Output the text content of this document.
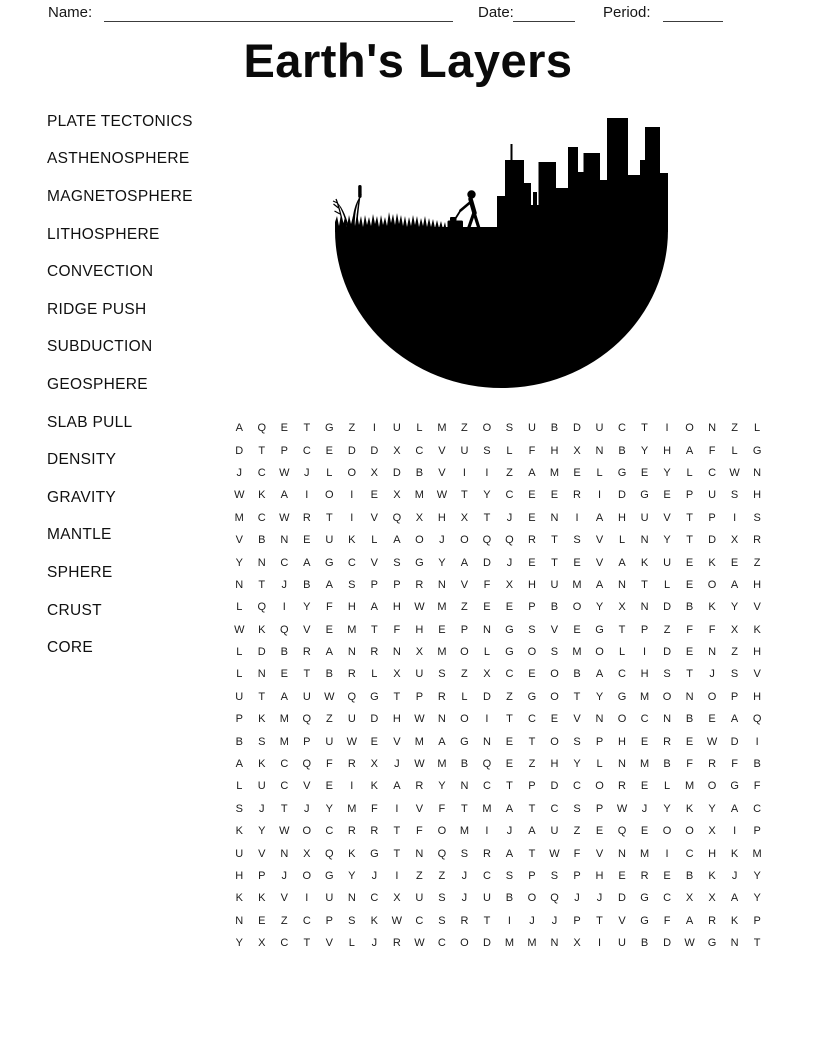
Name:	Date:	Period:
Earth's Layers
PLATE TECTONICS
ASTHENOSPHERE
MAGNETOSPHERE
LITHOSPHERE
CONVECTION
RIDGE PUSH
SUBDUCTION
GEOSPHERE
SLAB PULL
DENSITY
GRAVITY
MANTLE
SPHERE
CRUST
CORE
A	Q	E	T	G	Z	I	U	L	M	Z	O	S	U	B	D	U	C	T	I	O	N	Z	L
D	T	P	C	E	D	D	X	C	V	U	S	L	F	H	X	N	B	Y	H	A	F	L	G
J	C	W	J	L	O	X	D	B	V	I	I	Z	A	M	E	L	G	E	Y	L	C	W	N
W	K	A	I	O	I	E	X	M	W	T	Y	C	E	E	R	I	D	G	E	P	U	S	H
M	C	W	R	T	I	V	Q	X	H	X	T	J	E	N	I	A	H	U	V	T	P	I	S
V	B	N	E	U	K	L	A	O	J	O	Q	Q	R	T	S	V	L	N	Y	T	D	X	R
Y	N	C	A	G	C	V	S	G	Y	A	D	J	E	T	E	V	A	K	U	E	K	E	Z
N	T	J	B	A	S	P	P	R	N	V	F	X	H	U	M	A	N	T	L	E	O	A	H
L	Q	I	Y	F	H	A	H	W	M	Z	E	E	P	B	O	Y	X	N	D	B	K	Y	V
W	K	Q	V	E	M	T	F	H	E	P	N	G	S	V	E	G	T	P	Z	F	F	X	K
L	D	B	R	A	N	R	N	X	M	O	L	G	O	S	M	O	L	I	D	E	N	Z	H
L	N	E	T	B	R	L	X	U	S	Z	X	C	E	O	B	A	C	H	S	T	J	S	V
U	T	A	U	W	Q	G	T	P	R	L	D	Z	G	O	T	Y	G	M	O	N	O	P	H
P	K	M	Q	Z	U	D	H	W	N	O	I	T	C	E	V	N	O	C	N	B	E	A	Q
B	S	M	P	U	W	E	V	M	A	G	N	E	T	O	S	P	H	E	R	E	W	D	I
A	K	C	Q	F	R	X	J	W	M	B	Q	E	Z	H	Y	L	N	M	B	F	R	F	B
L	U	C	V	E	I	K	A	R	Y	N	C	T	P	D	C	O	R	E	L	M	O	G	F
S	J	T	J	Y	M	F	I	V	F	T	M	A	T	C	S	P	W	J	Y	K	Y	A	C
K	Y	W	O	C	R	R	T	F	O	M	I	J	A	U	Z	E	Q	E	O	O	X	I	P
U	V	N	X	Q	K	G	T	N	Q	S	R	A	T	W	F	V	N	M	I	C	H	K	M
H	P	J	O	G	Y	J	I	Z	Z	J	C	S	P	S	P	H	E	R	E	B	K	J	Y
K	K	V	I	U	N	C	X	U	S	J	U	B	O	Q	J	J	D	G	C	X	X	A	Y
N	E	Z	C	P	S	K	W	C	S	R	T	I	J	J	P	T	V	G	F	A	R	K	P
Y	X	C	T	V	L	J	R	W	C	O	D	M	M	N	X	I	U	B	D	W	G	N	T
